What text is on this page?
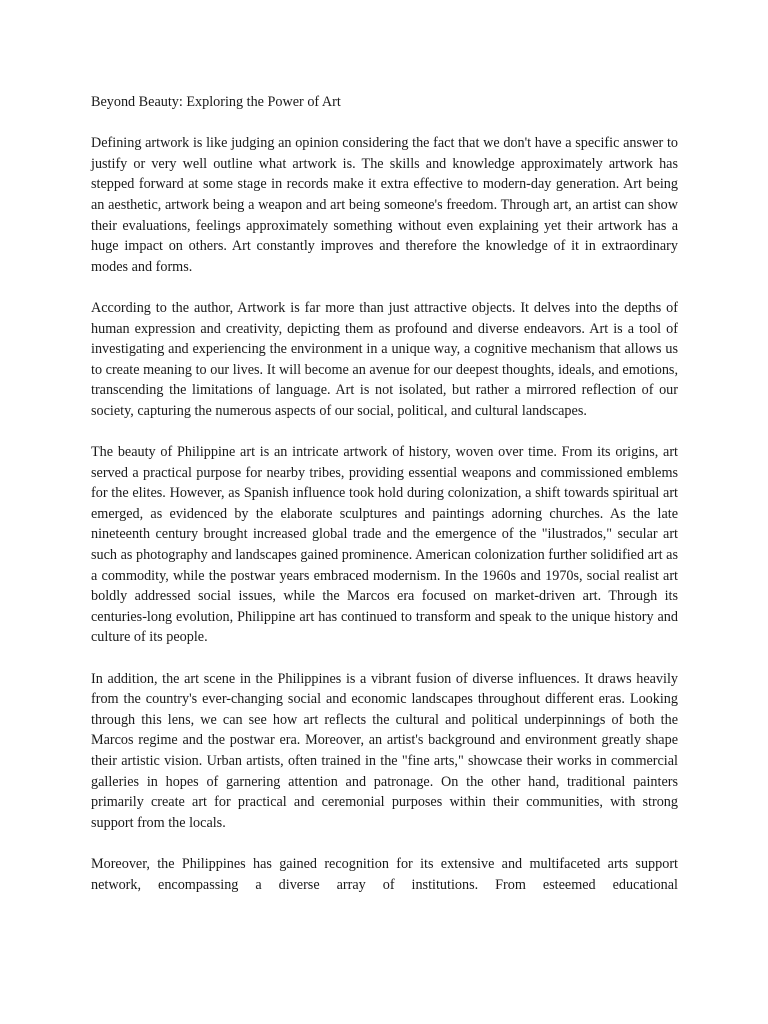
Beyond Beauty: Exploring the Power of Art

Defining artwork is like judging an opinion considering the fact that we don't have a specific answer to justify or very well outline what artwork is. The skills and knowledge approximately artwork has stepped forward at some stage in records make it extra effective to modern-day generation. Art being an aesthetic, artwork being a weapon and art being someone's freedom. Through art, an artist can show their evaluations, feelings approximately something without even explaining yet their artwork has a huge impact on others. Art constantly improves and therefore the knowledge of it in extraordinary modes and forms.

According to the author, Artwork is far more than just attractive objects. It delves into the depths of human expression and creativity, depicting them as profound and diverse endeavors. Art is a tool of investigating and experiencing the environment in a unique way, a cognitive mechanism that allows us to create meaning to our lives. It will become an avenue for our deepest thoughts, ideals, and emotions, transcending the limitations of language. Art is not isolated, but rather a mirrored reflection of our society, capturing the numerous aspects of our social, political, and cultural landscapes.

The beauty of Philippine art is an intricate artwork of history, woven over time. From its origins, art served a practical purpose for nearby tribes, providing essential weapons and commissioned emblems for the elites. However, as Spanish influence took hold during colonization, a shift towards spiritual art emerged, as evidenced by the elaborate sculptures and paintings adorning churches. As the late nineteenth century brought increased global trade and the emergence of the "ilustrados," secular art such as photography and landscapes gained prominence. American colonization further solidified art as a commodity, while the postwar years embraced modernism. In the 1960s and 1970s, social realist art boldly addressed social issues, while the Marcos era focused on market-driven art. Through its centuries-long evolution, Philippine art has continued to transform and speak to the unique history and culture of its people.

In addition, the art scene in the Philippines is a vibrant fusion of diverse influences. It draws heavily from the country's ever-changing social and economic landscapes throughout different eras. Looking through this lens, we can see how art reflects the cultural and political underpinnings of both the Marcos regime and the postwar era. Moreover, an artist's background and environment greatly shape their artistic vision. Urban artists, often trained in the "fine arts," showcase their works in commercial galleries in hopes of garnering attention and patronage. On the other hand, traditional painters primarily create art for practical and ceremonial purposes within their communities, with strong support from the locals.

Moreover, the Philippines has gained recognition for its extensive and multifaceted arts support network, encompassing a diverse array of institutions. From esteemed educational
